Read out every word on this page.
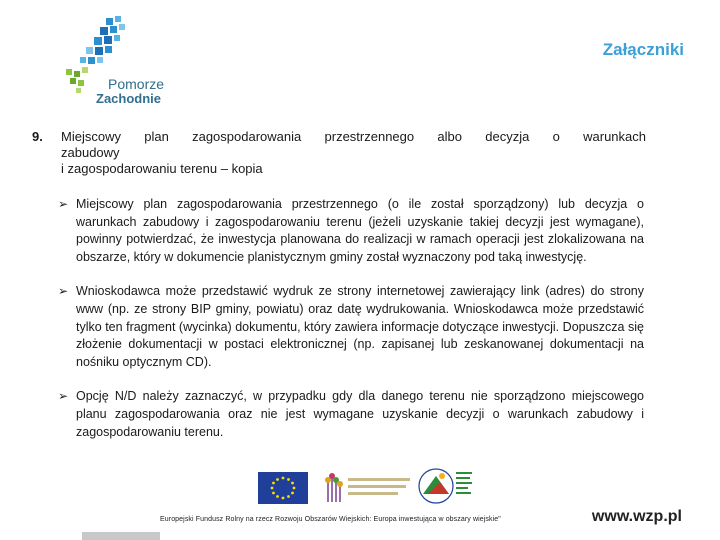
Pomorze
Zachodnie
Załączniki
9. Miejscowy plan zagospodarowania przestrzennego albo decyzja o warunkach
zabudowy
i zagospodarowaniu terenu – kopia
➢ Miejscowy plan zagospodarowania przestrzennego (o ile został sporządzony) lub decyzja o warunkach zabudowy i zagospodarowaniu terenu (jeżeli uzyskanie takiej decyzji jest wymagane), powinny potwierdzać, że inwestycja planowana do realizacji w ramach operacji jest zlokalizowana na obszarze, który w dokumencie planistycznym gminy został wyznaczony pod taką inwestycję.
➢ Wnioskodawca może przedstawić wydruk ze strony internetowej zawierający link (adres) do strony www (np. ze strony BIP gminy, powiatu) oraz datę wydrukowania. Wnioskodawca może przedstawić tylko ten fragment (wycinka) dokumentu, który zawiera informacje dotyczące inwestycji. Dopuszcza się złożenie dokumentacji w postaci elektronicznej (np. zapisanej lub zeskanowanej dokumentacji na nośniku optycznym CD).
➢ Opcję N/D należy zaznaczyć, w przypadku gdy dla danego terenu nie sporządzono miejscowego planu zagospodarowania oraz nie jest wymagane uzyskanie decyzji o warunkach zabudowy i zagospodarowaniu terenu.
Europejski Fundusz Rolny na rzecz Rozwoju Obszarów Wiejskich: Europa inwestująca w obszary wiejskie"	www.wzp.pl
